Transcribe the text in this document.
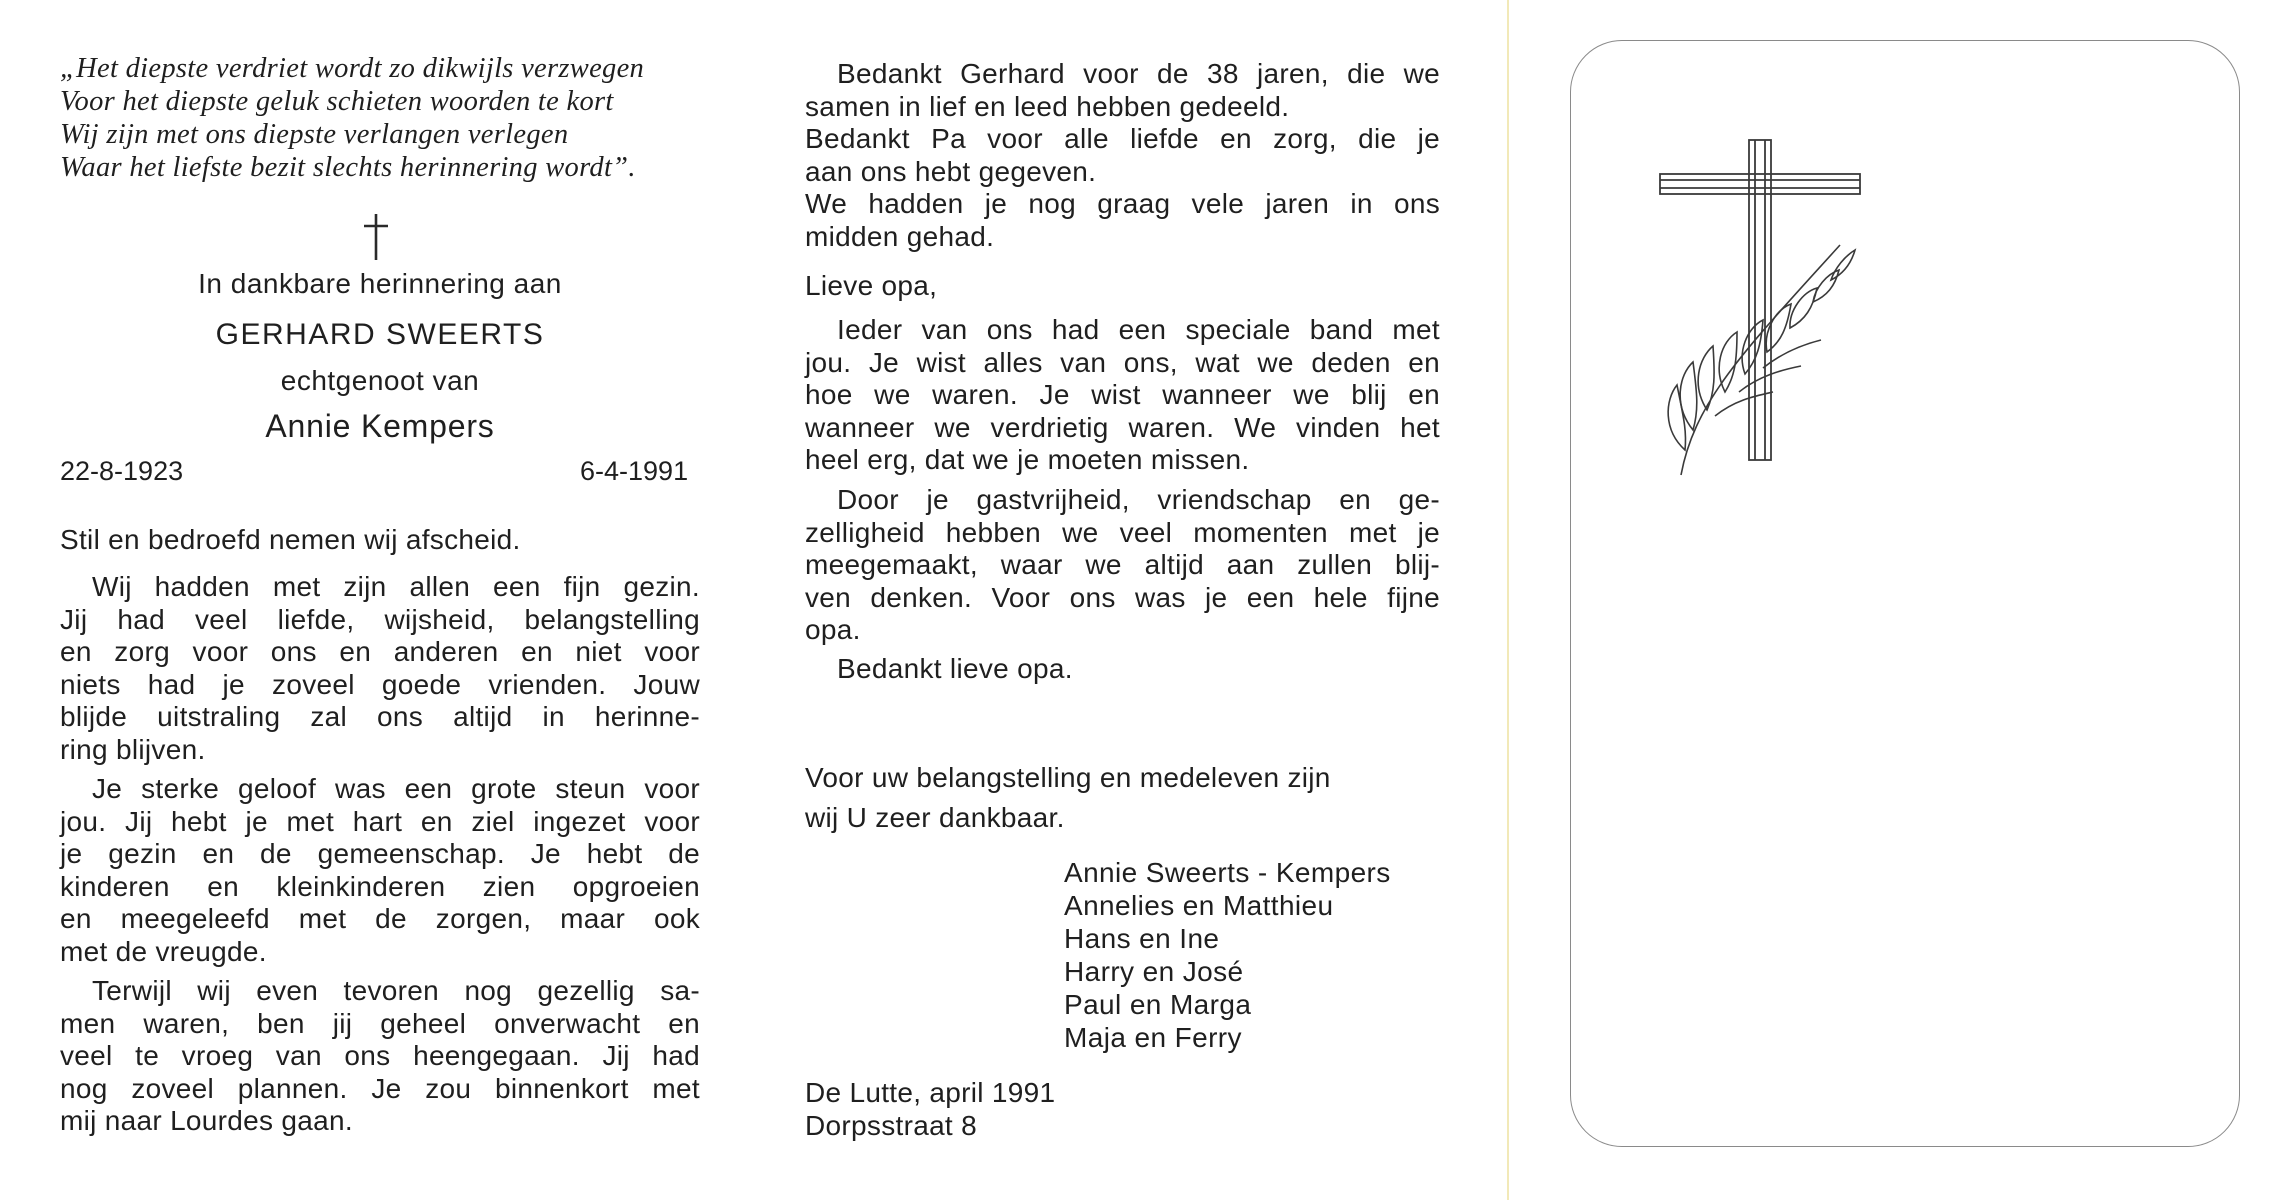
„Het diepste verdriet wordt zo dikwijls verzwegen
Voor het diepste geluk schieten woorden te kort
Wij zijn met ons diepste verlangen verlegen
Waar het liefste bezit slechts herinnering wordt”.
In dankbare herinnering aan
GERHARD SWEERTS
echtgenoot van
Annie Kempers
22-8-1923	6-4-1991
Stil en bedroefd nemen wij afscheid.
Wij hadden met zijn allen een fijn gezin.
Jij had veel liefde, wijsheid, belangstelling
en zorg voor ons en anderen en niet voor
niets had je zoveel goede vrienden. Jouw
blijde uitstraling zal ons altijd in herinne-
ring blijven.
Je sterke geloof was een grote steun voor
jou. Jij hebt je met hart en ziel ingezet voor
je gezin en de gemeenschap. Je hebt de
kinderen en kleinkinderen zien opgroeien
en meegeleefd met de zorgen, maar ook
met de vreugde.
Terwijl wij even tevoren nog gezellig sa-
men waren, ben jij geheel onverwacht en
veel te vroeg van ons heengegaan. Jij had
nog zoveel plannen. Je zou binnenkort met
mij naar Lourdes gaan.
Bedankt Gerhard voor de 38 jaren, die we
samen in lief en leed hebben gedeeld.
Bedankt Pa voor alle liefde en zorg, die je
aan ons hebt gegeven.
We hadden je nog graag vele jaren in ons
midden gehad.
Lieve opa,
Ieder van ons had een speciale band met
jou. Je wist alles van ons, wat we deden en
hoe we waren. Je wist wanneer we blij en
wanneer we verdrietig waren. We vinden het
heel erg, dat we je moeten missen.
Door je gastvrijheid, vriendschap en ge-
zelligheid hebben we veel momenten met je
meegemaakt, waar we altijd aan zullen blij-
ven denken. Voor ons was je een hele fijne
opa.
Bedankt lieve opa.
Voor uw belangstelling en medeleven zijn
wij U zeer dankbaar.
Annie Sweerts - Kempers
Annelies en Matthieu
Hans en Ine
Harry en José
Paul en Marga
Maja en Ferry
De Lutte, april 1991
Dorpsstraat 8
